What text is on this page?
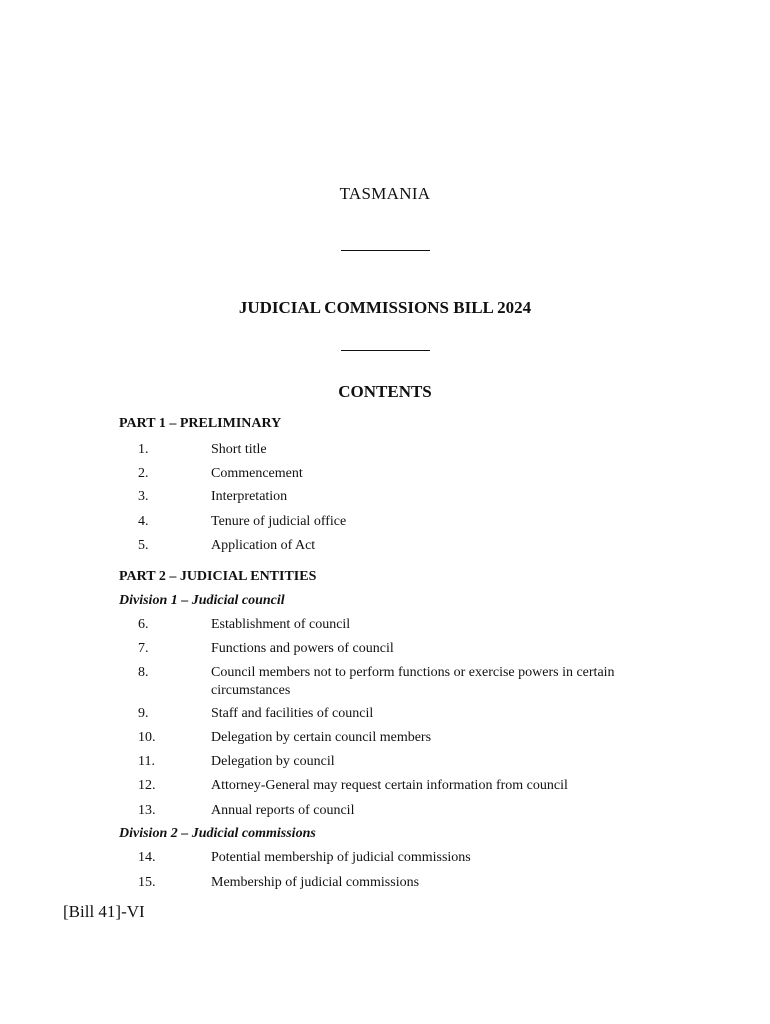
TASMANIA
JUDICIAL COMMISSIONS BILL 2024
CONTENTS
PART 1 – PRELIMINARY
1.	Short title
2.	Commencement
3.	Interpretation
4.	Tenure of judicial office
5.	Application of Act
PART 2 – JUDICIAL ENTITIES
Division 1 – Judicial council
6.	Establishment of council
7.	Functions and powers of council
8.	Council members not to perform functions or exercise powers in certain circumstances
9.	Staff and facilities of council
10.	Delegation by certain council members
11.	Delegation by council
12.	Attorney-General may request certain information from council
13.	Annual reports of council
Division 2 – Judicial commissions
14.	Potential membership of judicial commissions
15.	Membership of judicial commissions
[Bill 41]-VI
